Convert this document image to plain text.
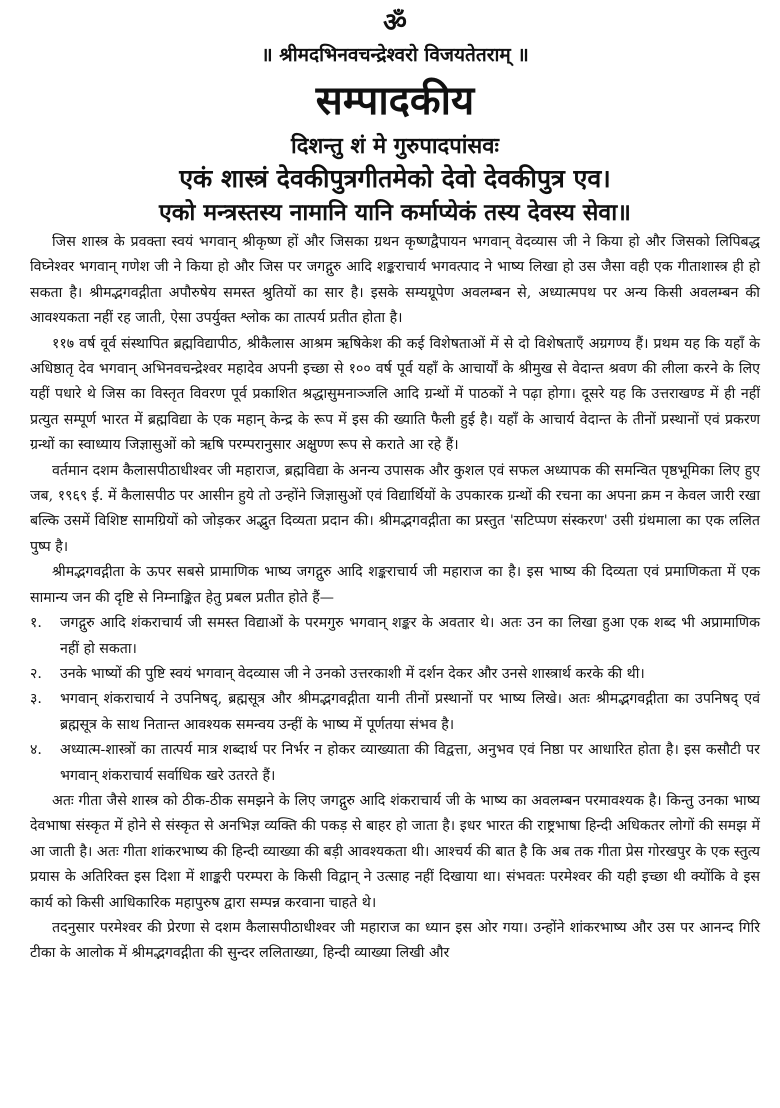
ॐ
॥ श्रीमदभिनवचन्द्रेश्वरो विजयतेतराम् ॥
सम्पादकीय
दिशन्तु शं मे गुरुपादपांसवः
एकं शास्त्रं देवकीपुत्रगीतमेको देवो देवकीपुत्र एव।
एको मन्त्रस्तस्य नामानि यानि कर्माप्येकं तस्य देवस्य सेवा॥

जिस शास्त्र के प्रवक्ता स्वयं भगवान् श्रीकृष्ण हों और जिसका ग्रथन कृष्णद्वैपायन भगवान् वेदव्यास जी ने किया हो और जिसको लिपिबद्ध विघ्नेश्वर भगवान् गणेश जी ने किया हो और जिस पर जगद्गुरु आदि शङ्कराचार्य भगवत्पाद ने भाष्य लिखा हो उस जैसा वही एक गीताशास्त्र ही हो सकता है। श्रीमद्भगवद्गीता अपौरुषेय समस्त श्रुतियों का सार है। इसके सम्यग्रूपेण अवलम्बन से, अध्यात्मपथ पर अन्य किसी अवलम्बन की आवश्यकता नहीं रह जाती, ऐसा उपर्युक्त श्लोक का तात्पर्य प्रतीत होता है।

११७ वर्ष वूर्व संस्थापित ब्रह्मविद्यापीठ, श्रीकैलास आश्रम ऋषिकेश की कई विशेषताओं में से दो विशेषताएँ अग्रगण्य हैं। प्रथम यह कि यहाँ के अधिष्ठातृ देव भगवान् अभिनवचन्द्रेश्वर महादेव अपनी इच्छा से १०० वर्ष पूर्व यहाँ के आचार्यों के श्रीमुख से वेदान्त श्रवण की लीला करने के लिए यहीं पधारे थे जिस का विस्तृत विवरण पूर्व प्रकाशित श्रद्धासुमनाञ्जलि आदि ग्रन्थों में पाठकों ने पढ़ा होगा। दूसरे यह कि उत्तराखण्ड में ही नहीं प्रत्युत सम्पूर्ण भारत में ब्रह्मविद्या के एक महान् केन्द्र के रूप में इस की ख्याति फैली हुई है। यहाँ के आचार्य वेदान्त के तीनों प्रस्थानों एवं प्रकरण ग्रन्थों का स्वाध्याय जिज्ञासुओं को ऋषि परम्परानुसार अक्षुण्ण रूप से कराते आ रहे हैं।

वर्तमान दशम कैलासपीठाधीश्वर जी महाराज, ब्रह्मविद्या के अनन्य उपासक और कुशल एवं सफल अध्यापक की समन्वित पृष्ठभूमिका लिए हुए जब, १९६९ ई. में कैलासपीठ पर आसीन हुये तो उन्होंने जिज्ञासुओं एवं विद्यार्थियों के उपकारक ग्रन्थों की रचना का अपना क्रम न केवल जारी रखा बल्कि उसमें विशिष्ट सामग्रियों को जोड़कर अद्भुत दिव्यता प्रदान की। श्रीमद्भगवद्गीता का प्रस्तुत 'सटिप्पण संस्करण' उसी ग्रंथमाला का एक ललित पुष्प है।

श्रीमद्भगवद्गीता के ऊपर सबसे प्रामाणिक भाष्य जगद्गुरु आदि शङ्कराचार्य जी महाराज का है। इस भाष्य की दिव्यता एवं प्रमाणिकता में एक सामान्य जन की दृष्टि से निम्नाङ्कित हेतु प्रबल प्रतीत होते हैं—

१.	जगद्गुरु आदि शंकराचार्य जी समस्त विद्याओं के परमगुरु भगवान् शङ्कर के अवतार थे। अतः उन का लिखा हुआ एक शब्द भी अप्रामाणिक नहीं हो सकता।
२.	उनके भाष्यों की पुष्टि स्वयं भगवान् वेदव्यास जी ने उनको उत्तरकाशी में दर्शन देकर और उनसे शास्त्रार्थ करके की थी।
३.	भगवान् शंकराचार्य ने उपनिषद्, ब्रह्मसूत्र और श्रीमद्भगवद्गीता यानी तीनों प्रस्थानों पर भाष्य लिखे। अतः श्रीमद्भगवद्गीता का उपनिषद् एवं ब्रह्मसूत्र के साथ नितान्त आवश्यक समन्वय उन्हीं के भाष्य में पूर्णतया संभव है।
४.	अध्यात्म-शास्त्रों का तात्पर्य मात्र शब्दार्थ पर निर्भर न होकर व्याख्याता की विद्वत्ता, अनुभव एवं निष्ठा पर आधारित होता है। इस कसौटी पर भगवान् शंकराचार्य सर्वाधिक खरे उतरते हैं।

अतः गीता जैसे शास्त्र को ठीक-ठीक समझने के लिए जगद्गुरु आदि शंकराचार्य जी के भाष्य का अवलम्बन परमावश्यक है। किन्तु उनका भाष्य देवभाषा संस्कृत में होने से संस्कृत से अनभिज्ञ व्यक्ति की पकड़ से बाहर हो जाता है। इधर भारत की राष्ट्रभाषा हिन्दी अधिकतर लोगों की समझ में आ जाती है। अतः गीता शांकरभाष्य की हिन्दी व्याख्या की बड़ी आवश्यकता थी। आश्चर्य की बात है कि अब तक गीता प्रेस गोरखपुर के एक स्तुत्य प्रयास के अतिरिक्त इस दिशा में शाङ्करी परम्परा के किसी विद्वान् ने उत्साह नहीं दिखाया था। संभवतः परमेश्वर की यही इच्छा थी क्योंकि वे इस कार्य को किसी आधिकारिक महापुरुष द्वारा सम्पन्न करवाना चाहते थे।

तदनुसार परमेश्वर की प्रेरणा से दशम कैलासपीठाधीश्वर जी महाराज का ध्यान इस ओर गया। उन्होंने शांकरभाष्य और उस पर आनन्द गिरि टीका के आलोक में श्रीमद्भगवद्गीता की सुन्दर ललिताख्या, हिन्दी व्याख्या लिखी और
